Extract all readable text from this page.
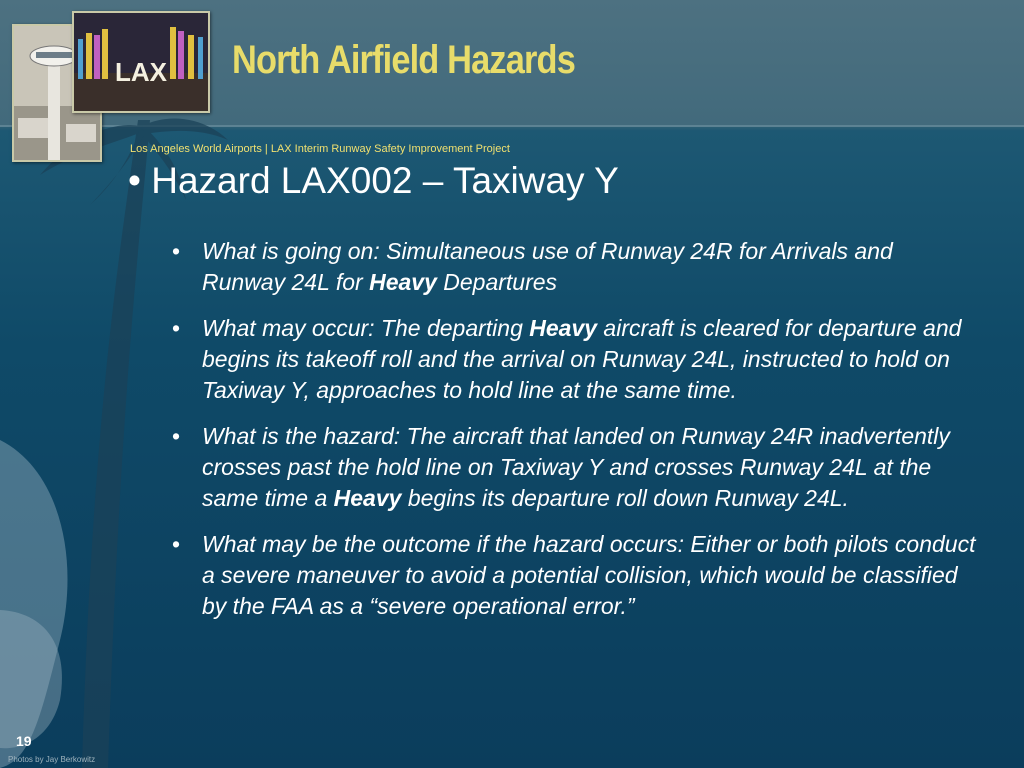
LAX North Airfield Hazards
Los Angeles World Airports | LAX Interim Runway Safety Improvement Project
• Hazard LAX002 – Taxiway Y
• What is going on: Simultaneous use of Runway 24R for Arrivals and Runway 24L for Heavy Departures
• What may occur: The departing Heavy aircraft is cleared for departure and begins its takeoff roll and the arrival on Runway 24L, instructed to hold on Taxiway Y, approaches to hold line at the same time.
• What is the hazard: The aircraft that landed on Runway 24R inadvertently crosses past the hold line on Taxiway Y and crosses Runway 24L at the same time a Heavy begins its departure roll down Runway 24L.
• What may be the outcome if the hazard occurs: Either or both pilots conduct a severe maneuver to avoid a potential collision, which would be classified by the FAA as a “severe operational error.”
19
Photos by Jay Berkowitz
